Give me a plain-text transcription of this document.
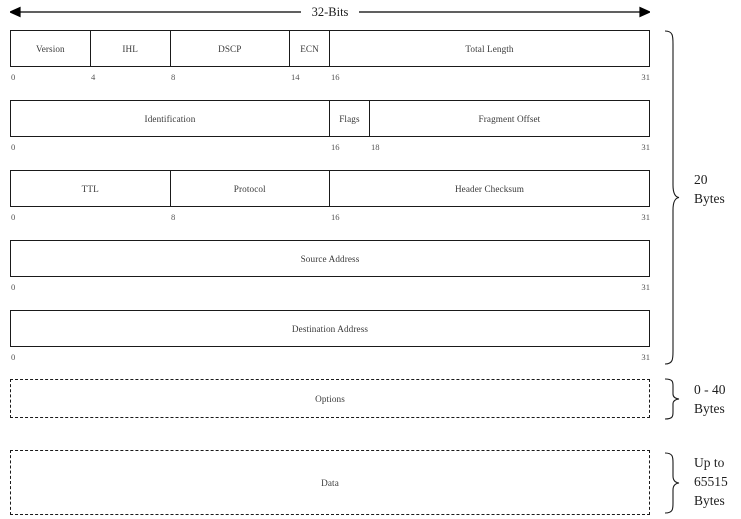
32-Bits
Version	IHL	DSCP	ECN	Total Length
0	4	8	14	16	31
Identification	Flags	Fragment Offset
0	16	18	31
TTL	Protocol	Header Checksum
0	8	16	31
Source Address
0	31
Destination Address
0	31
Options
Data
20
Bytes
0 - 40
Bytes
Up to
65515
Bytes
